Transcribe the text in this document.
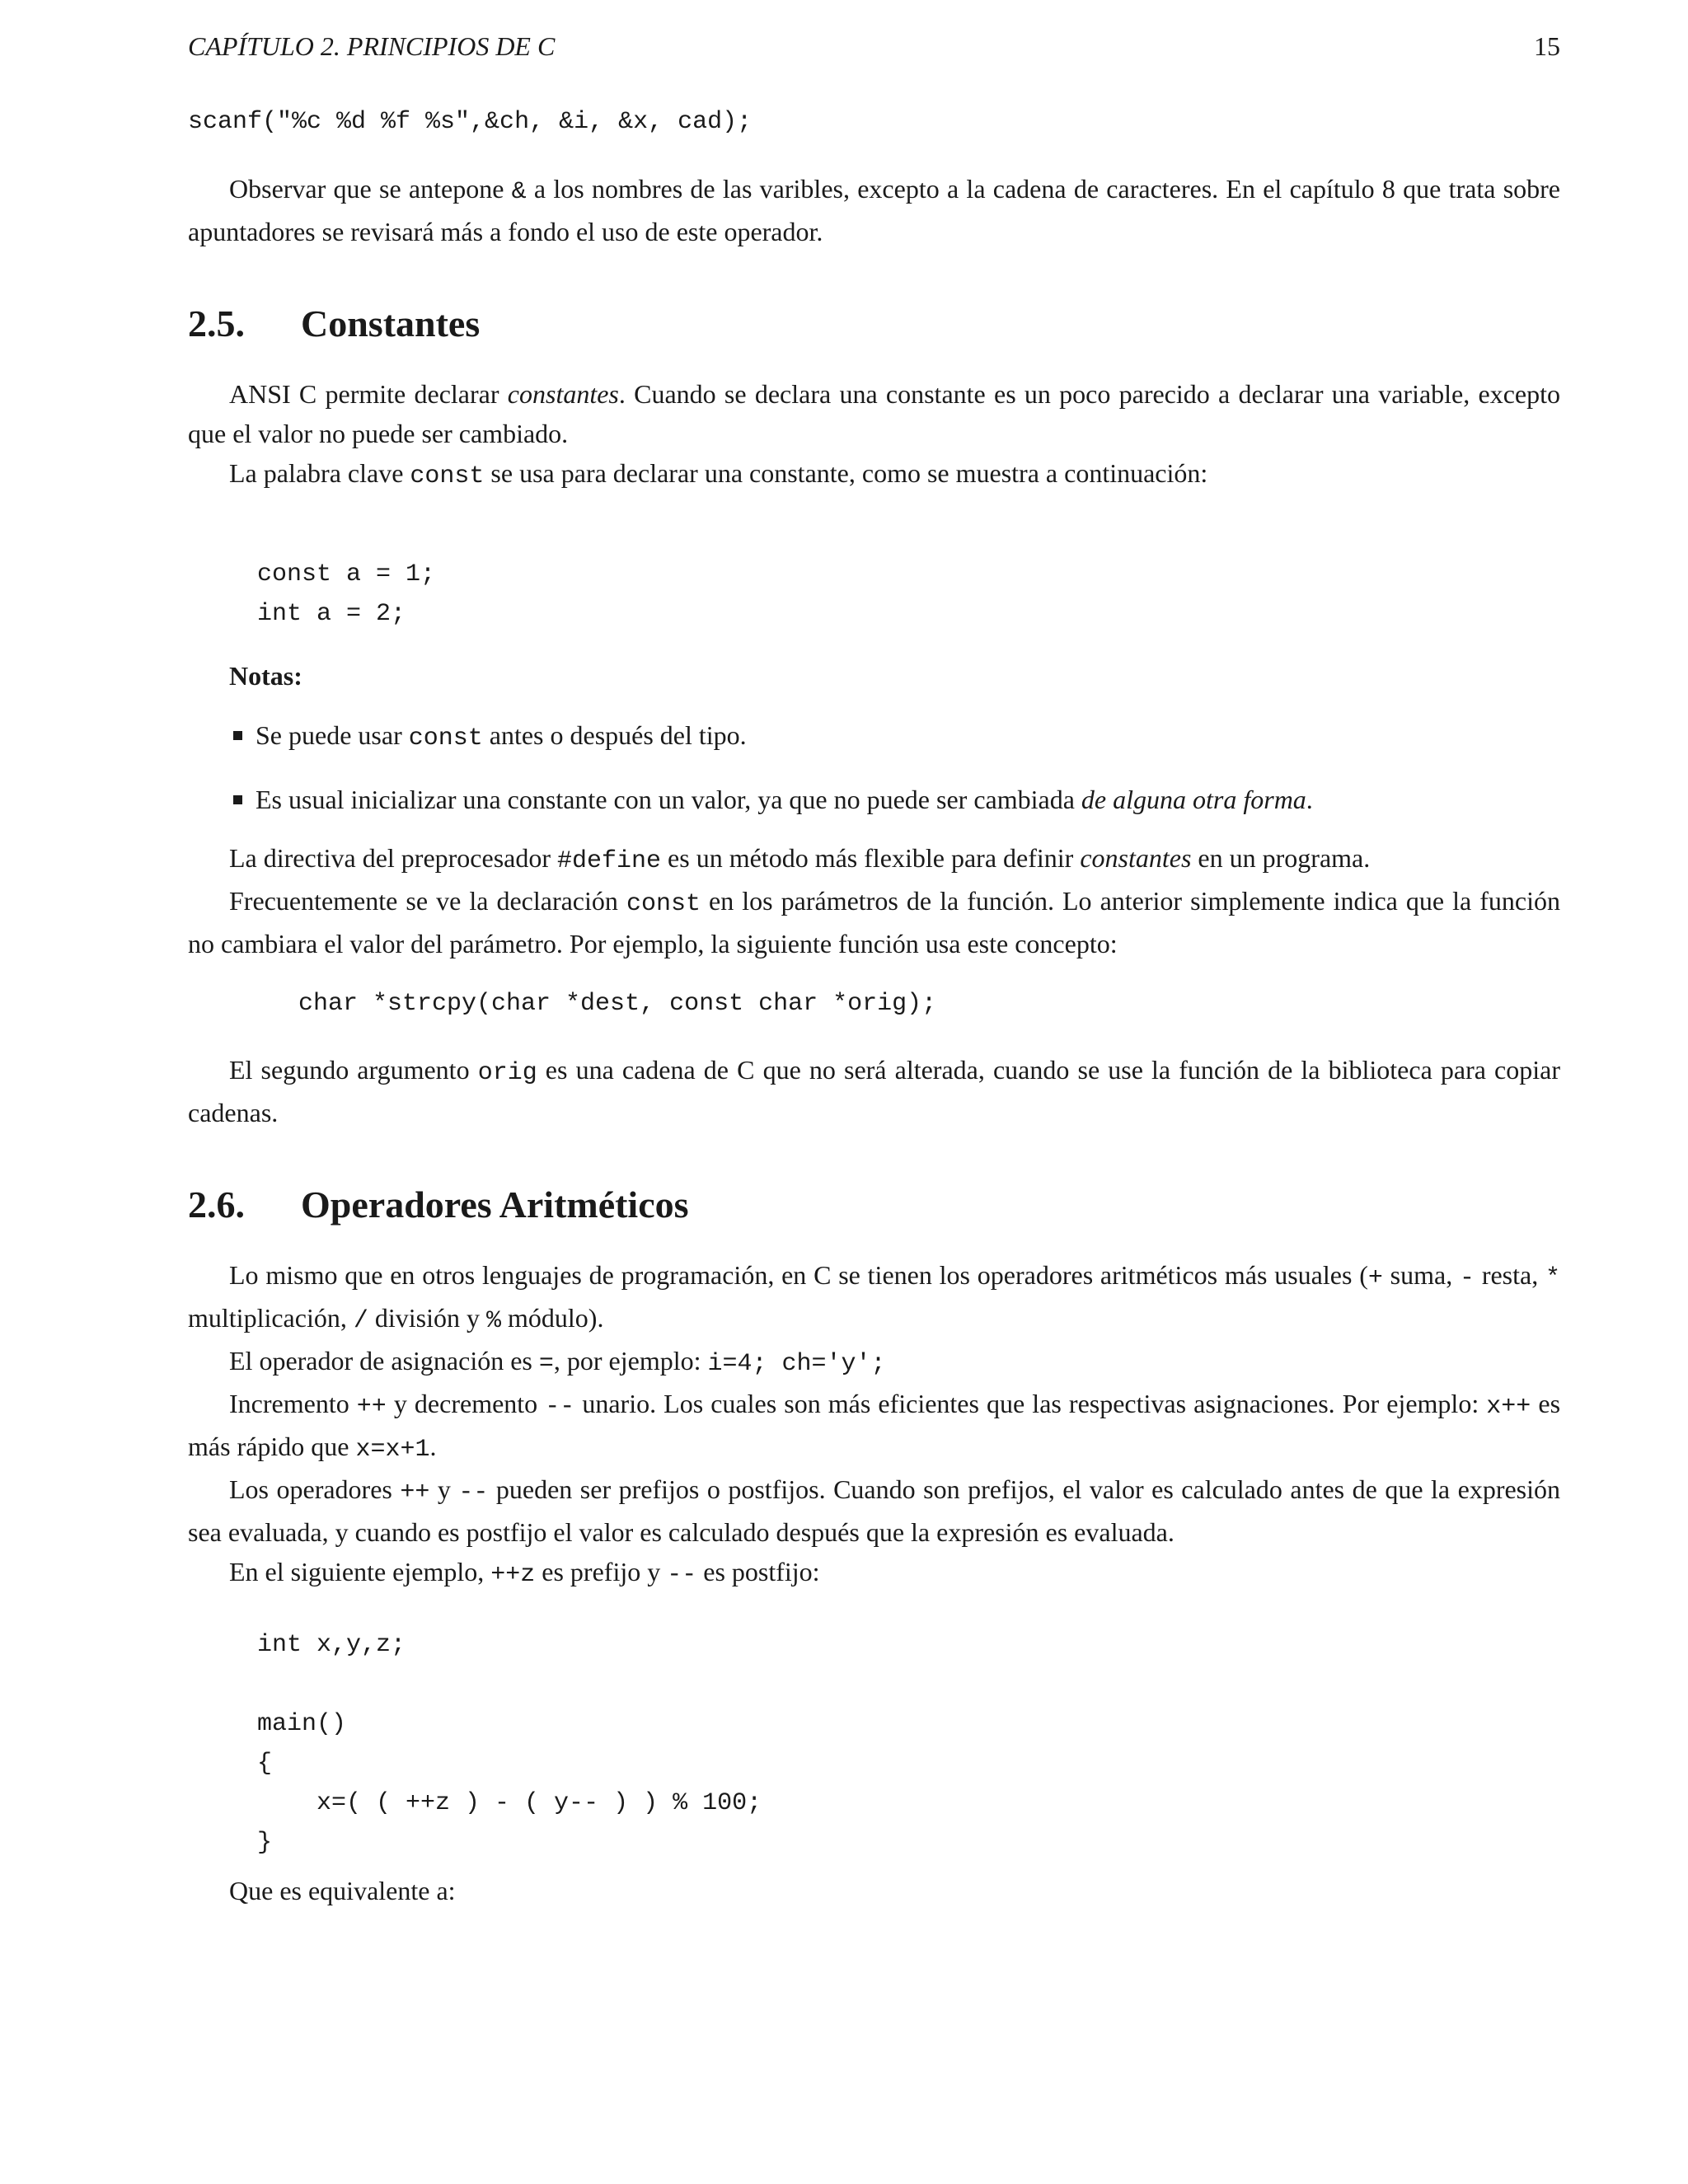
CAPÍTULO 2. PRINCIPIOS DE C	15
scanf("%c %d %f %s",&ch, &i, &x, cad);

Observar que se antepone & a los nombres de las varibles, excepto a la cadena de caracteres. En el capítulo 8 que trata sobre apuntadores se revisará más a fondo el uso de este operador.

2.5. Constantes

ANSI C permite declarar constantes. Cuando se declara una constante es un poco parecido a declarar una variable, excepto que el valor no puede ser cambiado.

La palabra clave const se usa para declarar una constante, como se muestra a continuación:

const a = 1;
int a = 2;
Notas:
Se puede usar const antes o después del tipo.
Es usual inicializar una constante con un valor, ya que no puede ser cambiada de alguna otra forma.

La directiva del preprocesador #define es un método más flexible para definir constantes en un programa.

Frecuentemente se ve la declaración const en los parámetros de la función. Lo anterior simplemente indica que la función no cambiara el valor del parámetro. Por ejemplo, la siguiente función usa este concepto:

char *strcpy(char *dest, const char *orig);

El segundo argumento orig es una cadena de C que no será alterada, cuando se use la función de la biblioteca para copiar cadenas.

2.6. Operadores Aritméticos

Lo mismo que en otros lenguajes de programación, en C se tienen los operadores aritméticos más usuales (+ suma, - resta, * multiplicación, / división y % módulo).

El operador de asignación es =, por ejemplo: i=4; ch='y';

Incremento ++ y decremento -- unario. Los cuales son más eficientes que las respectivas asignaciones. Por ejemplo: x++ es más rápido que x=x+1.

Los operadores ++ y -- pueden ser prefijos o postfijos. Cuando son prefijos, el valor es calculado antes de que la expresión sea evaluada, y cuando es postfijo el valor es calculado después que la expresión es evaluada.

En el siguiente ejemplo, ++z es prefijo y -- es postfijo:

int x,y,z;
main()
{
x=( ( ++z ) - ( y-- ) ) % 100;
}

Que es equivalente a:
